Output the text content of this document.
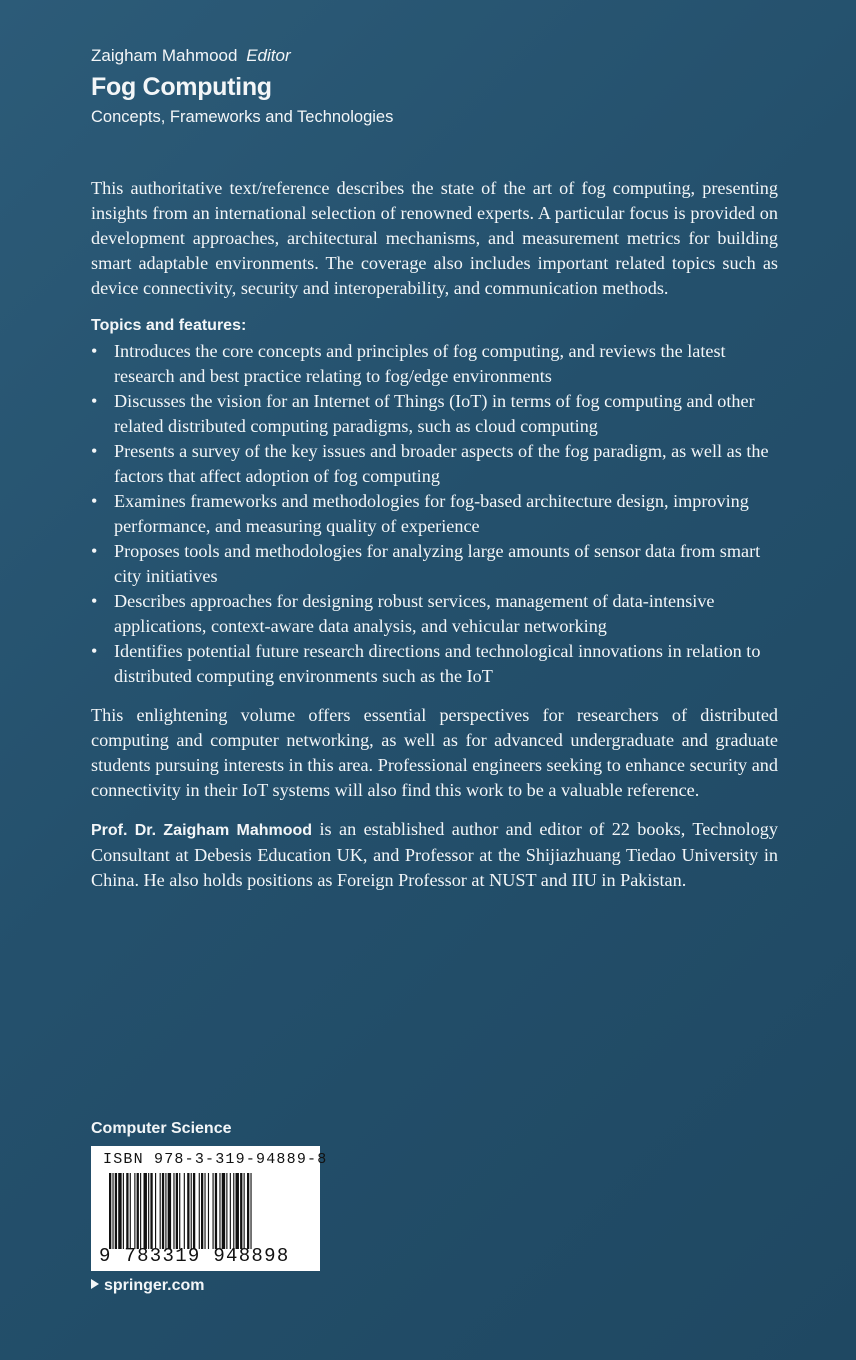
Zaigham Mahmood Editor
Fog Computing
Concepts, Frameworks and Technologies

This authoritative text/reference describes the state of the art of fog computing, presenting insights from an international selection of renowned experts. A particular focus is provided on development approaches, architectural mechanisms, and measurement metrics for building smart adaptable environments. The coverage also includes important related topics such as device connectivity, security and interoperability, and communication methods.

Topics and features:
• Introduces the core concepts and principles of fog computing, and reviews the latest research and best practice relating to fog/edge environments
• Discusses the vision for an Internet of Things (IoT) in terms of fog computing and other related distributed computing paradigms, such as cloud computing
• Presents a survey of the key issues and broader aspects of the fog paradigm, as well as the factors that affect adoption of fog computing
• Examines frameworks and methodologies for fog-based architecture design, improving performance, and measuring quality of experience
• Proposes tools and methodologies for analyzing large amounts of sensor data from smart city initiatives
• Describes approaches for designing robust services, management of data-intensive applications, context-aware data analysis, and vehicular networking
• Identifies potential future research directions and technological innovations in relation to distributed computing environments such as the IoT

This enlightening volume offers essential perspectives for researchers of distributed computing and computer networking, as well as for advanced undergraduate and graduate students pursuing interests in this area. Professional engineers seeking to enhance security and connectivity in their IoT systems will also find this work to be a valuable reference.

Prof. Dr. Zaigham Mahmood is an established author and editor of 22 books, Technology Consultant at Debesis Education UK, and Professor at the Shijiazhuang Tiedao University in China. He also holds positions as Foreign Professor at NUST and IIU in Pakistan.

Computer Science
ISBN 978-3-319-94889-8
9 783319 948898
springer.com
